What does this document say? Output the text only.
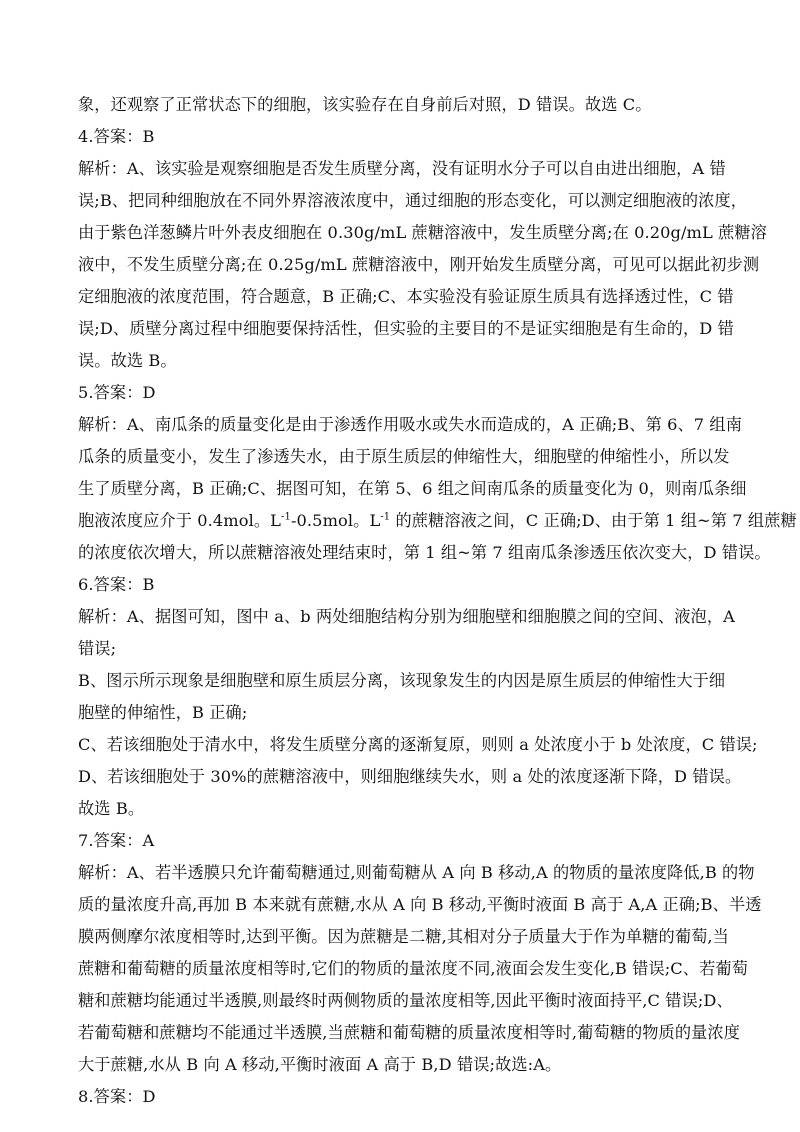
象，还观察了正常状态下的细胞，该实验存在自身前后对照，D 错误。故选 C。
4.答案：B
解析：A、该实验是观察细胞是否发生质壁分离，没有证明水分子可以自由进出细胞，A 错
误;B、把同种细胞放在不同外界溶液浓度中，通过细胞的形态变化，可以测定细胞液的浓度，
由于紫色洋葱鳞片叶外表皮细胞在 0.30g/mL 蔗糖溶液中，发生质壁分离;在 0.20g/mL 蔗糖溶
液中，不发生质壁分离;在 0.25g/mL 蔗糖溶液中，刚开始发生质壁分离，可见可以据此初步测
定细胞液的浓度范围，符合题意，B 正确;C、本实验没有验证原生质具有选择透过性，C 错
误;D、质壁分离过程中细胞要保持活性，但实验的主要目的不是证实细胞是有生命的，D 错
误。故选 B。
5.答案：D
解析：A、南瓜条的质量变化是由于渗透作用吸水或失水而造成的，A 正确;B、第 6、7 组南
瓜条的质量变小，发生了渗透失水，由于原生质层的伸缩性大，细胞壁的伸缩性小，所以发
生了质壁分离，B 正确;C、据图可知，在第 5、6 组之间南瓜条的质量变化为 0，则南瓜条细
胞液浓度应介于 0.4mol。$L^{-1}-0.5mol$。$L^{-1}$ 的蔗糖溶液之间，C 正确;D、由于第 1 组~第 7 组蔗糖
的浓度依次增大，所以蔗糖溶液处理结束时，第 1 组~第 7 组南瓜条渗透压依次变大，D 错误。
6.答案：B
解析：A、据图可知，图中 a、b 两处细胞结构分别为细胞壁和细胞膜之间的空间、液泡，A
错误;
B、图示所示现象是细胞壁和原生质层分离，该现象发生的内因是原生质层的伸缩性大于细
胞壁的伸缩性，B 正确;
C、若该细胞处于清水中，将发生质壁分离的逐渐复原，则则 a 处浓度小于 b 处浓度，C 错误;
D、若该细胞处于 30%的蔗糖溶液中，则细胞继续失水，则 a 处的浓度逐渐下降，D 错误。
故选 B。
7.答案：A
解析：A、若半透膜只允许葡萄糖通过,则葡萄糖从 A 向 B 移动,A 的物质的量浓度降低,B 的物
质的量浓度升高,再加 B 本来就有蔗糖,水从 A 向 B 移动,平衡时液面 B 高于 A,A 正确;B、半透
膜两侧摩尔浓度相等时,达到平衡。因为蔗糖是二糖,其相对分子质量大于作为单糖的葡萄,当
蔗糖和葡萄糖的质量浓度相等时,它们的物质的量浓度不同,液面会发生变化,B 错误;C、若葡萄
糖和蔗糖均能通过半透膜,则最终时两侧物质的量浓度相等,因此平衡时液面持平,C 错误;D、
若葡萄糖和蔗糖均不能通过半透膜,当蔗糖和葡萄糖的质量浓度相等时,葡萄糖的物质的量浓度
大于蔗糖,水从 B 向 A 移动,平衡时液面 A 高于 B,D 错误;故选:A。
8.答案：D
